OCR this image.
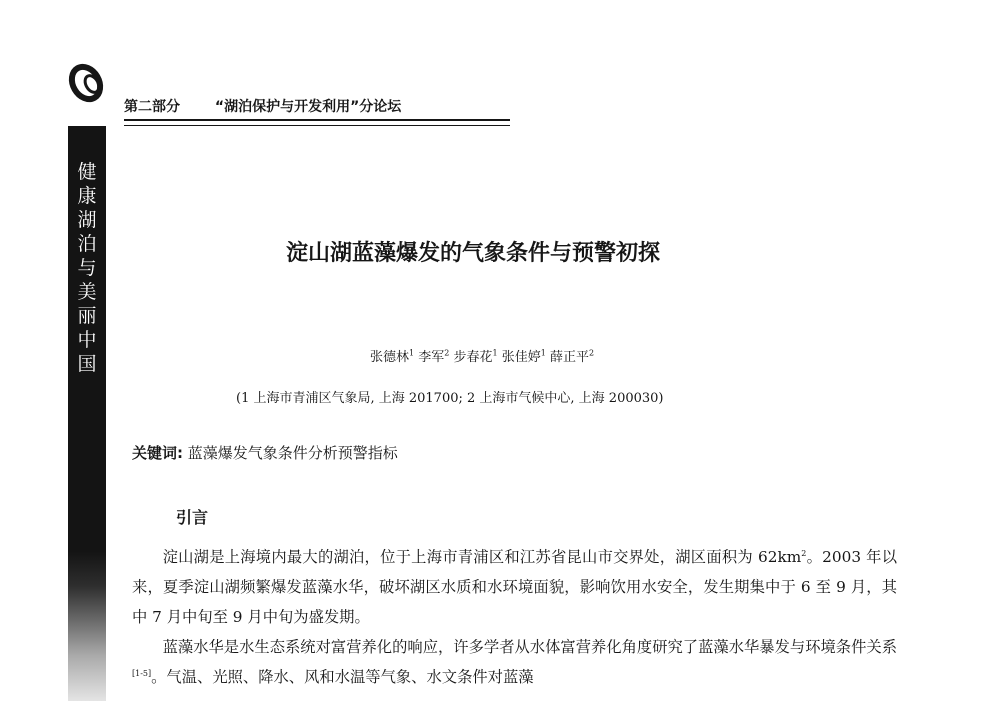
健
康
湖
泊
与
美
丽
中
国
第二部分 “湖泊保护与开发利用”分论坛
淀山湖蓝藻爆发的气象条件与预警初探
张德林$^1$ 李军$^2$ 步春花$^1$ 张佳婷$^1$ 薛正平$^2$
(1 上海市青浦区气象局, 上海 201700; 2 上海市气候中心, 上海 200030)
关键词: 蓝藻爆发气象条件分析预警指标
引言

淀山湖是上海境内最大的湖泊，位于上海市青浦区和江苏省昆山市交界处，湖区面积为 $62km^2$。2003 年以来，夏季淀山湖频繁爆发蓝藻水华，破坏湖区水质和水环境面貌，影响饮用水安全，发生期集中于 6 至 9 月，其中 7 月中旬至 9 月中旬为盛发期。

蓝藻水华是水生态系统对富营养化的响应，许多学者从水体富营养化角度研究了蓝藻水华暴发与环境条件关系[1-5]。气温、光照、降水、风和水温等气象、水文条件对蓝藻
